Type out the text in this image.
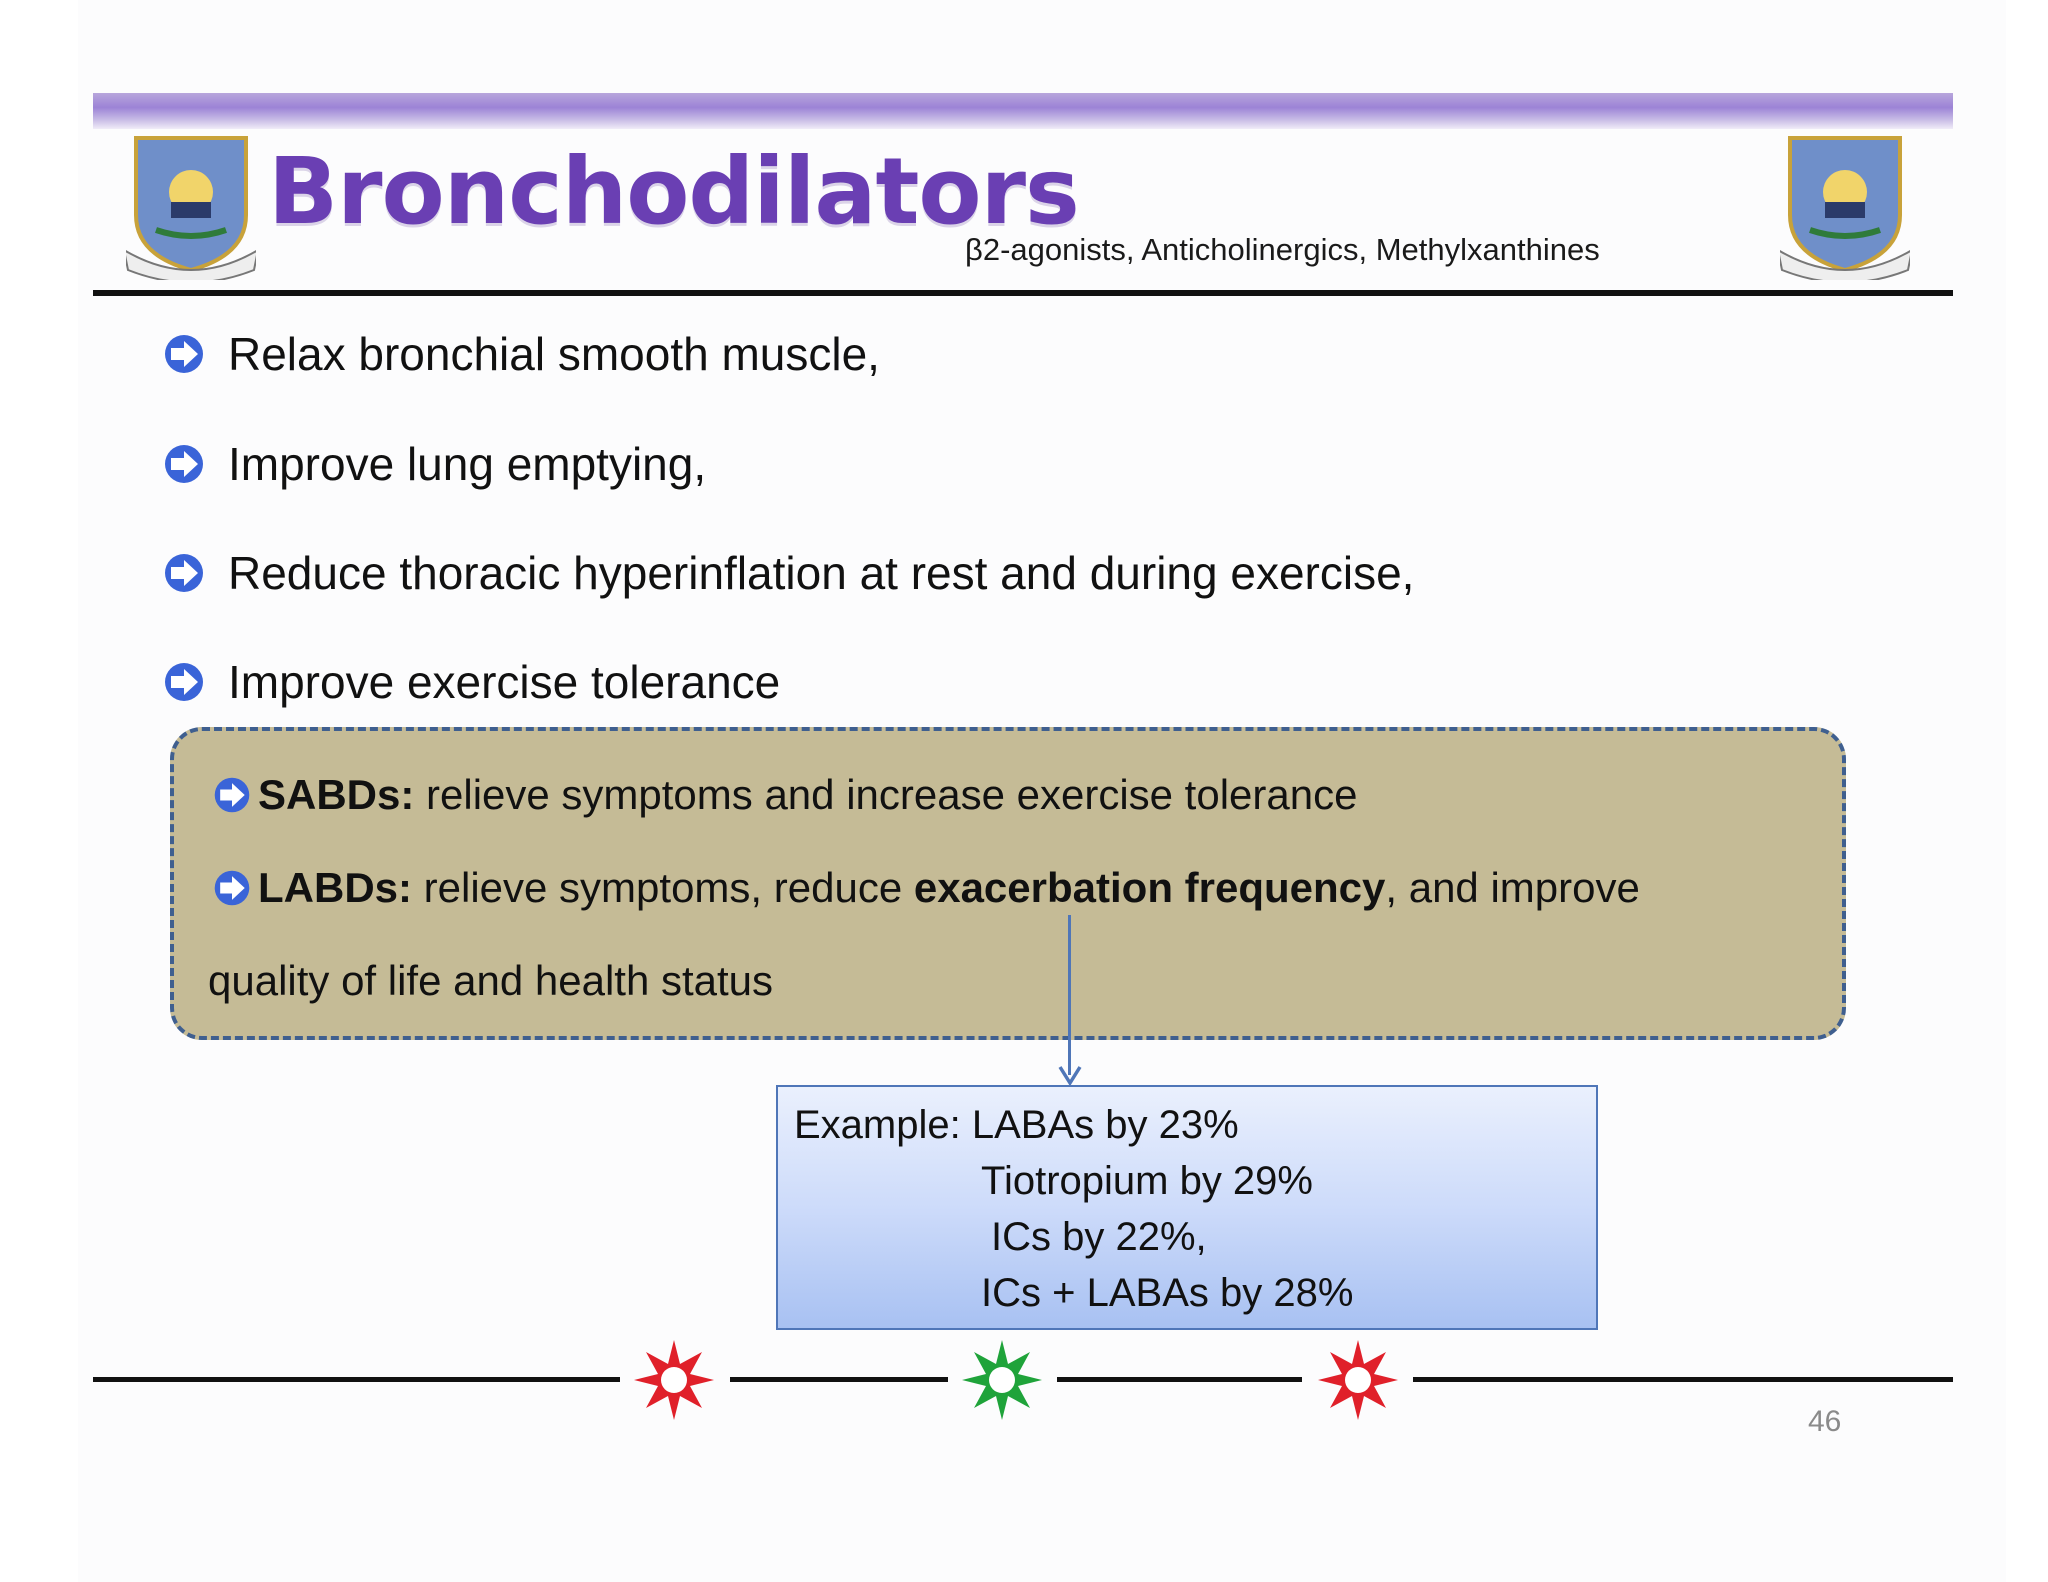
Bronchodilators
β2-agonists, Anticholinergics, Methylxanthines
Relax bronchial smooth muscle,
Improve lung emptying,
Reduce thoracic hyperinflation at rest and during exercise,
Improve exercise tolerance
SABDs: relieve symptoms and increase exercise tolerance
LABDs: relieve symptoms, reduce exacerbation frequency , and improve
quality of life and health status
Example: LABAs by 23%
Tiotropium by 29%
ICs by 22%,
ICs + LABAs by 28%
46
